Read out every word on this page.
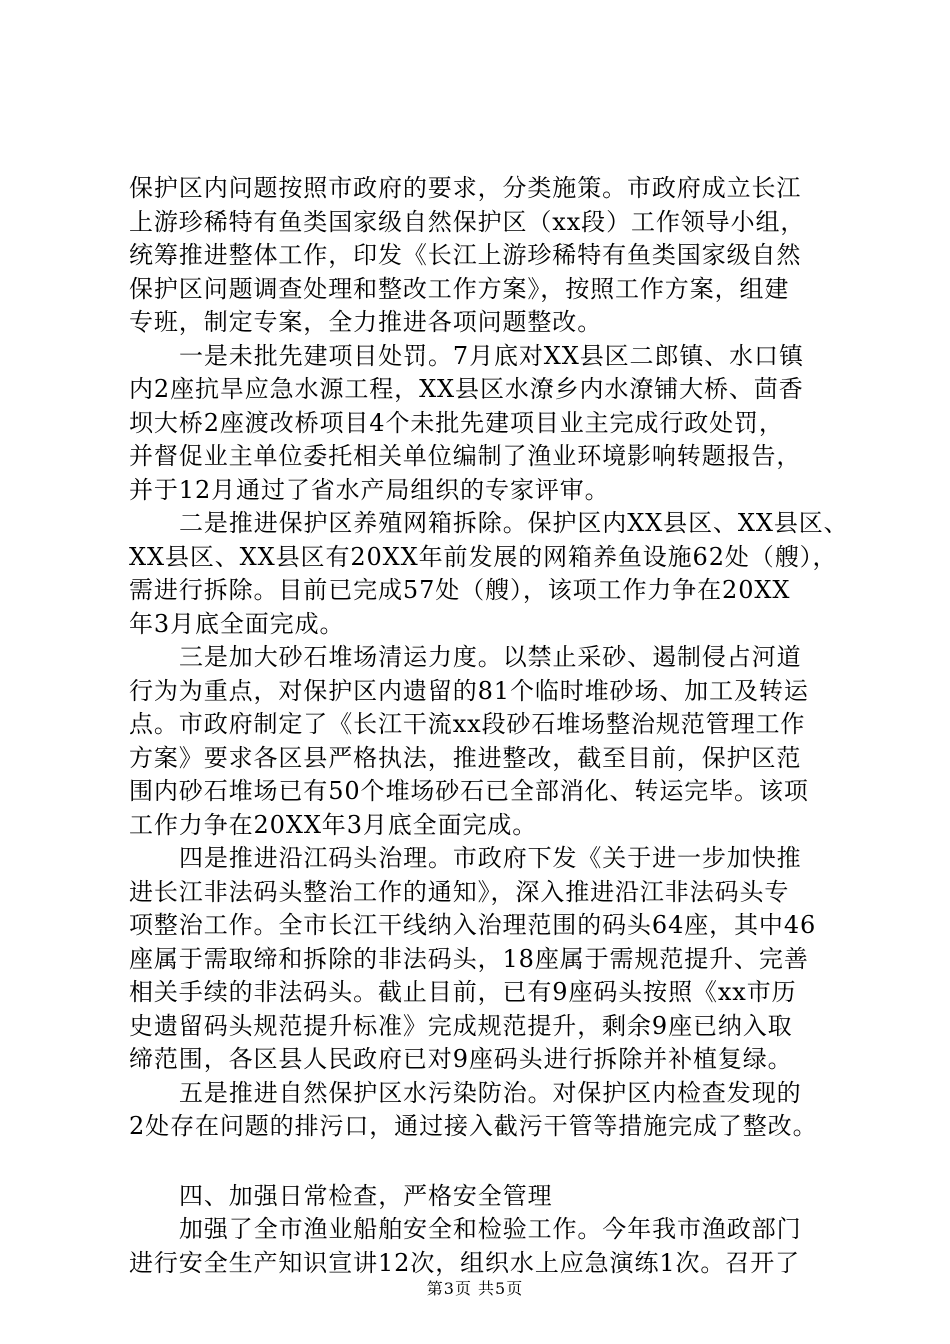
保护区内问题按照市政府的要求，分类施策。市政府成立长江
上游珍稀特有鱼类国家级自然保护区（xx段）工作领导小组，
统筹推进整体工作，印发《长江上游珍稀特有鱼类国家级自然
保护区问题调查处理和整改工作方案》，按照工作方案，组建
专班，制定专案，全力推进各项问题整改。
一是未批先建项目处罚。7月底对XX县区二郎镇、水口镇
内2座抗旱应急水源工程，XX县区水潦乡内水潦铺大桥、茴香
坝大桥2座渡改桥项目4个未批先建项目业主完成行政处罚，
并督促业主单位委托相关单位编制了渔业环境影响转题报告，
并于12月通过了省水产局组织的专家评审。
二是推进保护区养殖网箱拆除。保护区内XX县区、XX县区、
XX县区、XX县区有20XX年前发展的网箱养鱼设施62处（艘），
需进行拆除。目前已完成57处（艘），该项工作力争在20XX
年3月底全面完成。
三是加大砂石堆场清运力度。以禁止采砂、遏制侵占河道
行为为重点，对保护区内遗留的81个临时堆砂场、加工及转运
点。市政府制定了《长江干流xx段砂石堆场整治规范管理工作
方案》要求各区县严格执法，推进整改，截至目前，保护区范
围内砂石堆场已有50个堆场砂石已全部消化、转运完毕。该项
工作力争在20XX年3月底全面完成。
四是推进沿江码头治理。市政府下发《关于进一步加快推
进长江非法码头整治工作的通知》，深入推进沿江非法码头专
项整治工作。全市长江干线纳入治理范围的码头64座，其中46
座属于需取缔和拆除的非法码头，18座属于需规范提升、完善
相关手续的非法码头。截止目前，已有9座码头按照《xx市历
史遗留码头规范提升标准》完成规范提升，剩余9座已纳入取
缔范围，各区县人民政府已对9座码头进行拆除并补植复绿。
五是推进自然保护区水污染防治。对保护区内检查发现的
2处存在问题的排污口，通过接入截污干管等措施完成了整改。
四、加强日常检查，严格安全管理
加强了全市渔业船舶安全和检验工作。今年我市渔政部门
进行安全生产知识宣讲12次，组织水上应急演练1次。召开了
第3页 共5页
